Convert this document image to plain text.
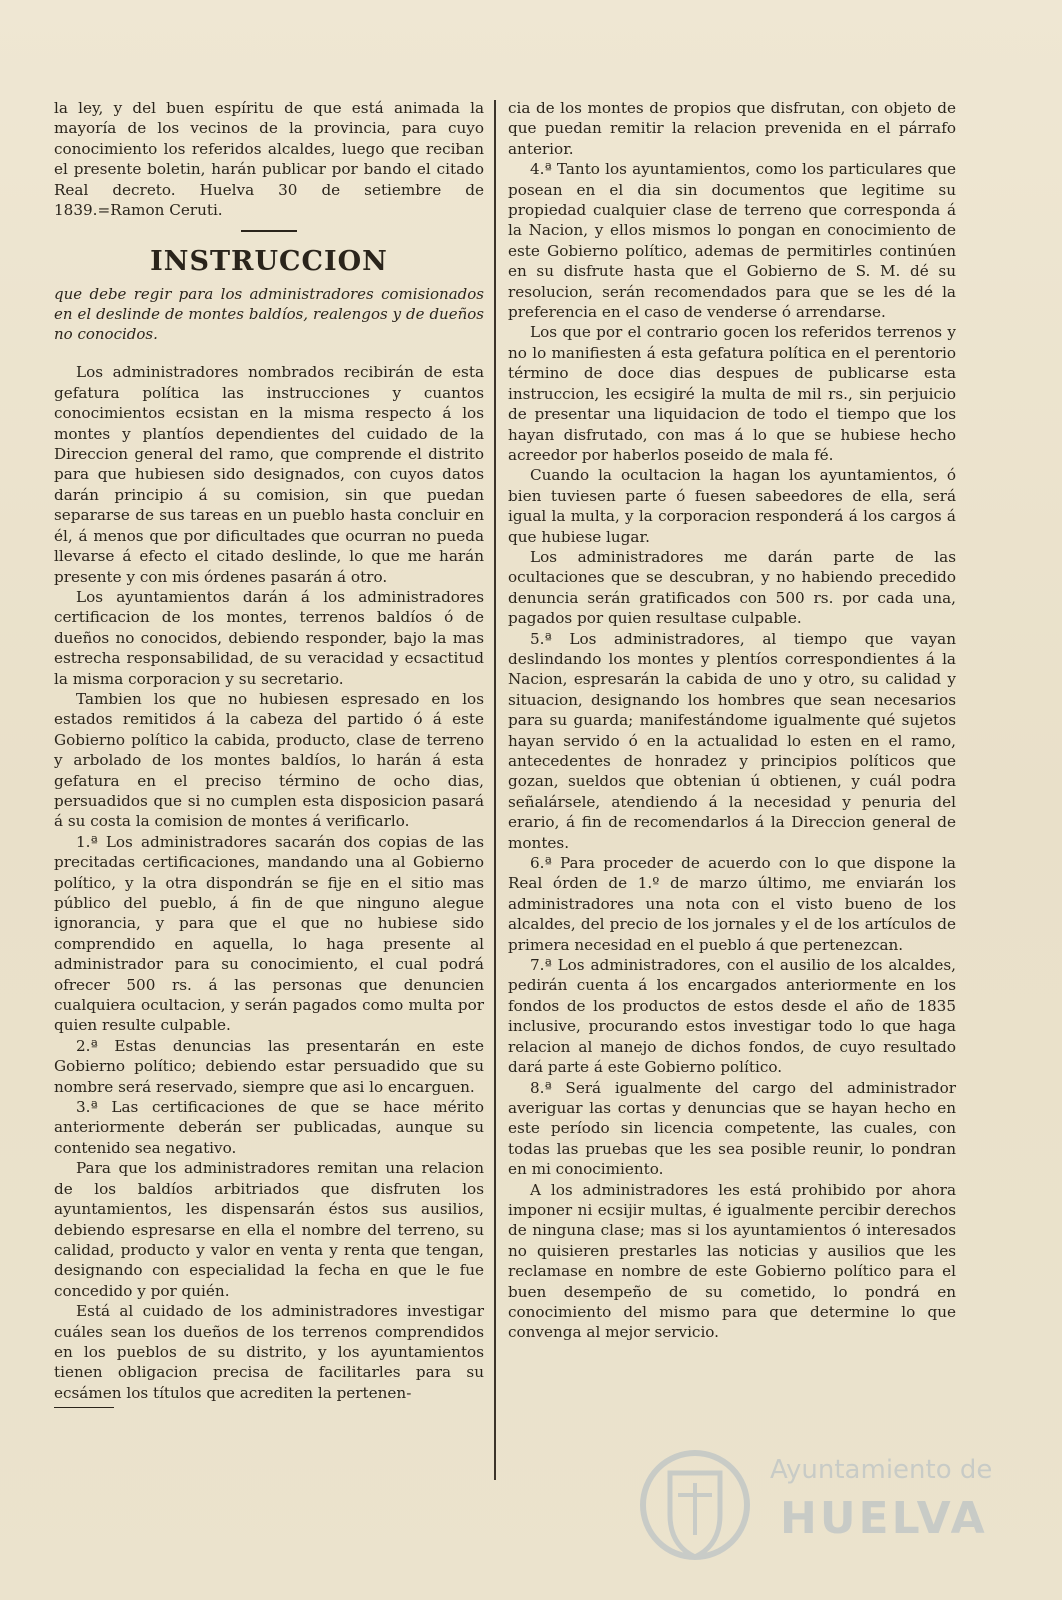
la ley, y del buen espíritu de que está animada la mayoría de los vecinos de la provincia, para cuyo conocimiento los referidos alcaldes, luego que reciban el presente boletin, harán publicar por bando el citado Real decreto. Huelva 30 de setiembre de 1839.=Ramon Ceruti.

INSTRUCCION
que debe regir para los administradores comisionados en el deslinde de montes baldíos, realengos y de dueños no conocidos.

Los administradores nombrados recibirán de esta gefatura política las instrucciones y cuantos conocimientos ecsistan en la misma respecto á los montes y plantíos dependientes del cuidado de la Direccion general del ramo, que comprende el distrito para que hubiesen sido designados, con cuyos datos darán principio á su comision, sin que puedan separarse de sus tareas en un pueblo hasta concluir en él, á menos que por dificultades que ocurran no pueda llevarse á efecto el citado deslinde, lo que me harán presente y con mis órdenes pasarán á otro.

Los ayuntamientos darán á los administradores certificacion de los montes, terrenos baldíos ó de dueños no conocidos, debiendo responder, bajo la mas estrecha responsabilidad, de su veracidad y ecsactitud la misma corporacion y su secretario.

Tambien los que no hubiesen espresado en los estados remitidos á la cabeza del partido ó á este Gobierno político la cabida, producto, clase de terreno y arbolado de los montes baldíos, lo harán á esta gefatura en el preciso término de ocho dias, persuadidos que si no cumplen esta disposicion pasará á su costa la comision de montes á verificarlo.

1.ª Los administradores sacarán dos copias de las precitadas certificaciones, mandando una al Gobierno político, y la otra dispondrán se fije en el sitio mas público del pueblo, á fin de que ninguno alegue ignorancia, y para que el que no hubiese sido comprendido en aquella, lo haga presente al administrador para su conocimiento, el cual podrá ofrecer 500 rs. á las personas que denuncien cualquiera ocultacion, y serán pagados como multa por quien resulte culpable.

2.ª Estas denuncias las presentarán en este Gobierno político; debiendo estar persuadido que su nombre será reservado, siempre que asi lo encarguen.

3.ª Las certificaciones de que se hace mérito anteriormente deberán ser publicadas, aunque su contenido sea negativo.

Para que los administradores remitan una relacion de los baldíos arbitriados que disfruten los ayuntamientos, les dispensarán éstos sus ausilios, debiendo espresarse en ella el nombre del terreno, su calidad, producto y valor en venta y renta que tengan, designando con especialidad la fecha en que le fue concedido y por quién.

Está al cuidado de los administradores investigar cuáles sean los dueños de los terrenos comprendidos en los pueblos de su distrito, y los ayuntamientos tienen obligacion precisa de facilitarles para su ecsámen los títulos que acrediten la pertenen-

cia de los montes de propios que disfrutan, con objeto de que puedan remitir la relacion prevenida en el párrafo anterior.

4.ª Tanto los ayuntamientos, como los particulares que posean en el dia sin documentos que legitime su propiedad cualquier clase de terreno que corresponda á la Nacion, y ellos mismos lo pongan en conocimiento de este Gobierno político, ademas de permitirles continúen en su disfrute hasta que el Gobierno de S. M. dé su resolucion, serán recomendados para que se les dé la preferencia en el caso de venderse ó arrendarse.

Los que por el contrario gocen los referidos terrenos y no lo manifiesten á esta gefatura política en el perentorio término de doce dias despues de publicarse esta instruccion, les ecsigiré la multa de mil rs., sin perjuicio de presentar una liquidacion de todo el tiempo que los hayan disfrutado, con mas á lo que se hubiese hecho acreedor por haberlos poseido de mala fé.

Cuando la ocultacion la hagan los ayuntamientos, ó bien tuviesen parte ó fuesen sabeedores de ella, será igual la multa, y la corporacion responderá á los cargos á que hubiese lugar.

Los administradores me darán parte de las ocultaciones que se descubran, y no habiendo precedido denuncia serán gratificados con 500 rs. por cada una, pagados por quien resultase culpable.

5.ª Los administradores, al tiempo que vayan deslindando los montes y plentíos correspondientes á la Nacion, espresarán la cabida de uno y otro, su calidad y situacion, designando los hombres que sean necesarios para su guarda; manifestándome igualmente qué sujetos hayan servido ó en la actualidad lo esten en el ramo, antecedentes de honradez y principios políticos que gozan, sueldos que obtenian ú obtienen, y cuál podra señalársele, atendiendo á la necesidad y penuria del erario, á fin de recomendarlos á la Direccion general de montes.

6.ª Para proceder de acuerdo con lo que dispone la Real órden de 1.º de marzo último, me enviarán los administradores una nota con el visto bueno de los alcaldes, del precio de los jornales y el de los artículos de primera necesidad en el pueblo á que pertenezcan.

7.ª Los administradores, con el ausilio de los alcaldes, pedirán cuenta á los encargados anteriormente en los fondos de los productos de estos desde el año de 1835 inclusive, procurando estos investigar todo lo que haga relacion al manejo de dichos fondos, de cuyo resultado dará parte á este Gobierno político.

8.ª Será igualmente del cargo del administrador averiguar las cortas y denuncias que se hayan hecho en este período sin licencia competente, las cuales, con todas las pruebas que les sea posible reunir, lo pondran en mi conocimiento.

A los administradores les está prohibido por ahora imponer ni ecsijir multas, é igualmente percibir derechos de ninguna clase; mas si los ayuntamientos ó interesados no quisieren prestarles las noticias y ausilios que les reclamase en nombre de este Gobierno político para el buen desempeño de su cometido, lo pondrá en conocimiento del mismo para que determine lo que convenga al mejor servicio.

Ayuntamiento de
HUELVA
